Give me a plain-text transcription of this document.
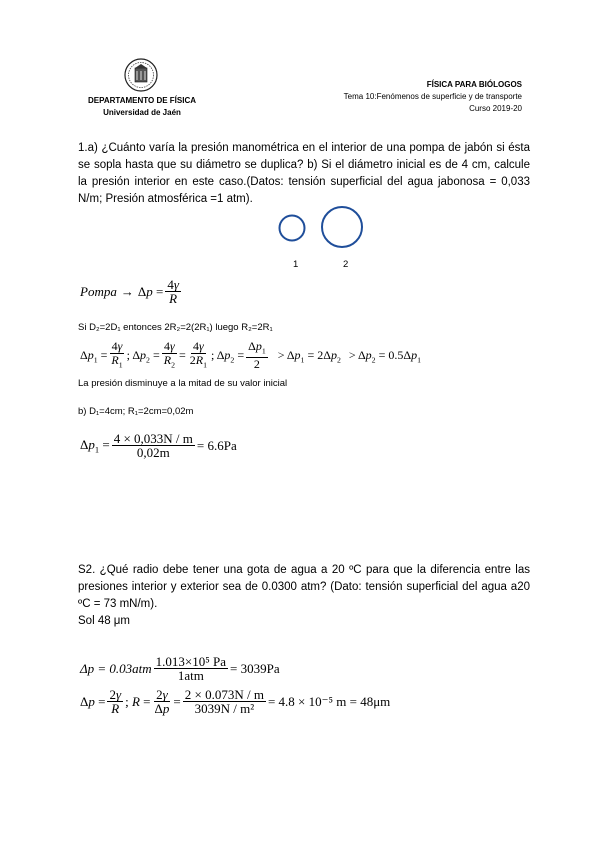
DEPARTAMENTO DE FÍSICA
Universidad de Jaén
FÍSICA PARA BIÓLOGOS
Tema 10:Fenómenos de superficie y de transporte
Curso 2019-20
1.a) ¿Cuánto varía la presión manométrica en el interior de una pompa de jabón si ésta se sopla hasta que su diámetro se duplica? b) Si el diámetro inicial es de 4 cm, calcule la presión interior en este caso.(Datos: tensión superficial del agua jabonosa = 0,033 N/m; Presión atmosférica =1 atm).
1	2
Pompa → $\Delta p = \frac{4\gamma}{R}$
Si D₂=2D₁ entonces 2R₂=2(2R₁) luego R₂=2R₁
$\Delta p_1 = \frac{4\gamma}{R_1}$ ; $\Delta p_2 = \frac{4\gamma}{R_2} = \frac{4\gamma}{2R_1}$ ; $\Delta p_2 = \frac{\Delta p_1}{2} > \Delta p_1 = 2\Delta p_2 > \Delta p_2 = 0.5\Delta p_1$
La presión disminuye a la mitad de su valor inicial
b) D₁=4cm; R₁=2cm=0,02m
$\Delta p_1 = \frac{4 \times 0,033N / m}{0,02m} = 6.6Pa$
S2. ¿Qué radio debe tener una gota de agua a 20 ºC para que la diferencia entre las presiones interior y exterior sea de 0.0300 atm? (Dato: tensión superficial del agua a20 ºC = 73 mN/m).
Sol 48 μm
$\Delta p = 0.03atm \frac{\text{1.013×10⁵ Pa}}{\text{1atm}} = 3039Pa$
$\Delta p = \frac{2\gamma}{R}$ ; $R = \frac{2\gamma}{\Delta p} = \frac{2 \times 0.073N / m}{\text{3039N / m²}} = 4.8 \times 10^{-5}$ m = 48μm
